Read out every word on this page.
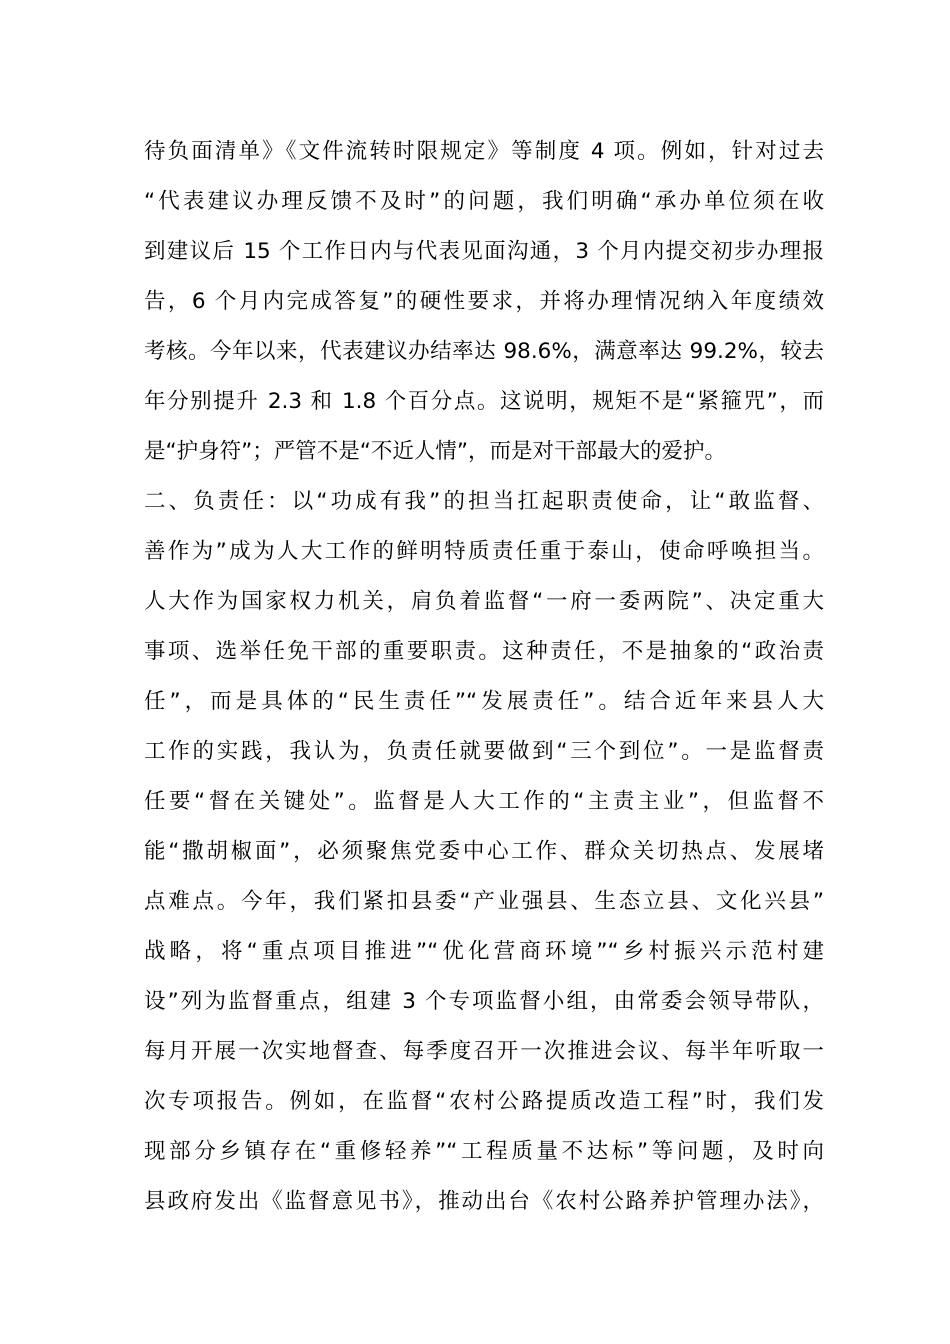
待负面清单》《文件流转时限规定》等制度 4 项。例如，针对过去
“代表建议办理反馈不及时”的问题，我们明确“承办单位须在收
到建议后 15 个工作日内与代表见面沟通，3 个月内提交初步办理报
告，6 个月内完成答复”的硬性要求，并将办理情况纳入年度绩效
考核。今年以来，代表建议办结率达 98.6%，满意率达 99.2%，较去
年分别提升 2.3 和 1.8 个百分点。这说明，规矩不是“紧箍咒”，而
是“护身符”；严管不是“不近人情”，而是对干部最大的爱护。
二、负责任：以“功成有我”的担当扛起职责使命，让“敢监督、
善作为”成为人大工作的鲜明特质责任重于泰山，使命呼唤担当。
人大作为国家权力机关，肩负着监督“一府一委两院”、决定重大
事项、选举任免干部的重要职责。这种责任，不是抽象的“政治责
任”，而是具体的“民生责任”“发展责任”。结合近年来县人大
工作的实践，我认为，负责任就要做到“三个到位”。一是监督责
任要“督在关键处”。监督是人大工作的“主责主业”，但监督不
能“撒胡椒面”，必须聚焦党委中心工作、群众关切热点、发展堵
点难点。今年，我们紧扣县委“产业强县、生态立县、文化兴县”
战略，将“重点项目推进”“优化营商环境”“乡村振兴示范村建
设”列为监督重点，组建 3 个专项监督小组，由常委会领导带队，
每月开展一次实地督查、每季度召开一次推进会议、每半年听取一
次专项报告。例如，在监督“农村公路提质改造工程”时，我们发
现部分乡镇存在“重修轻养”“工程质量不达标”等问题，及时向
县政府发出《监督意见书》，推动出台《农村公路养护管理办法》，
